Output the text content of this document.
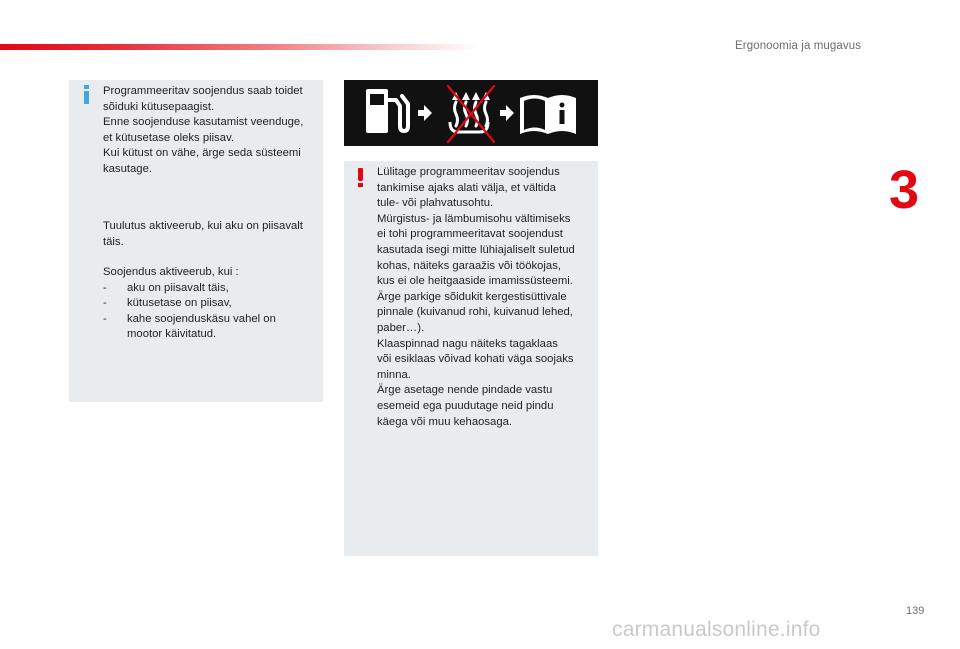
Ergonoomia ja mugavus
3
Programmeeritav soojendus saab toidet
sõiduki kütusepaagist.
Enne soojenduse kasutamist veenduge,
et kütusetase oleks piisav.
Kui kütust on vähe, ärge seda süsteemi
kasutage.
Tuulutus aktiveerub, kui aku on piisavalt
täis.
Soojendus aktiveerub, kui :
-	aku on piisavalt täis,
-	kütusetase on piisav,
-	kahe soojenduskäsu vahel on
mootor käivitatud.
Lülitage programmeeritav soojendus
tankimise ajaks alati välja, et vältida
tule- või plahvatusohtu.
Mürgistus- ja lämbumisohu vältimiseks
ei tohi programmeeritavat soojendust
kasutada isegi mitte lühiajaliselt suletud
kohas, näiteks garaažis või töökojas,
kus ei ole heitgaaside imamissüsteemi.
Ärge parkige sõidukit kergestisüttivale
pinnale (kuivanud rohi, kuivanud lehed,
paber…).
Klaaspinnad nagu näiteks tagaklaas
või esiklaas võivad kohati väga soojaks
minna.
Ärge asetage nende pindade vastu
esemeid ega puudutage neid pindu
käega või muu kehaosaga.
139
carmanualsonline.info
